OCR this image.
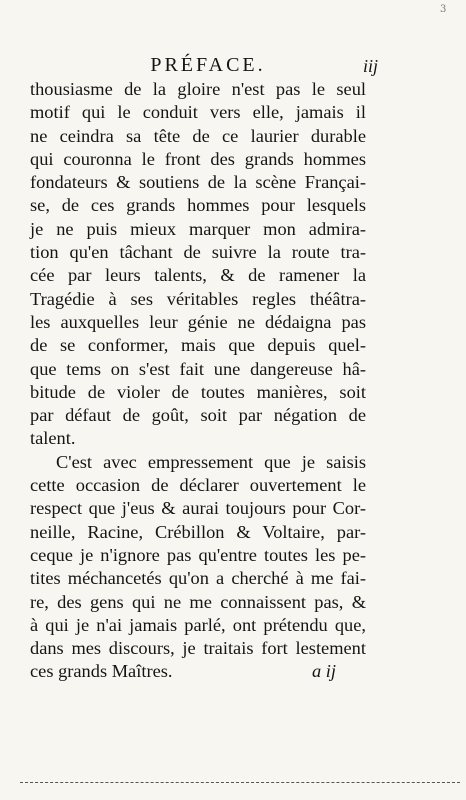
3
PRÉFACE.	iij
thousiasme de la gloire n'est pas le seul
motif qui le conduit vers elle, jamais il
ne ceindra sa tête de ce laurier durable
qui couronna le front des grands hommes
fondateurs & soutiens de la scène Françai-
se, de ces grands hommes pour lesquels
je ne puis mieux marquer mon admira-
tion qu'en tâchant de suivre la route tra-
cée par leurs talents, & de ramener la
Tragédie à ses véritables regles théâtra-
les auxquelles leur génie ne dédaigna pas
de se conformer, mais que depuis quel-
que tems on s'est fait une dangereuse hâ-
bitude de violer de toutes manières, soit
par défaut de goût, soit par négation de
talent.
C'est avec empressement que je saisis
cette occasion de déclarer ouvertement le
respect que j'eus & aurai toujours pour Cor-
neille, Racine, Crébillon & Voltaire, par-
ceque je n'ignore pas qu'entre toutes les pe-
tites méchancetés qu'on a cherché à me fai-
re, des gens qui ne me connaissent pas, &
à qui je n'ai jamais parlé, ont prétendu que,
dans mes discours, je traitais fort lestement
ces grands Maîtres.	a ij
